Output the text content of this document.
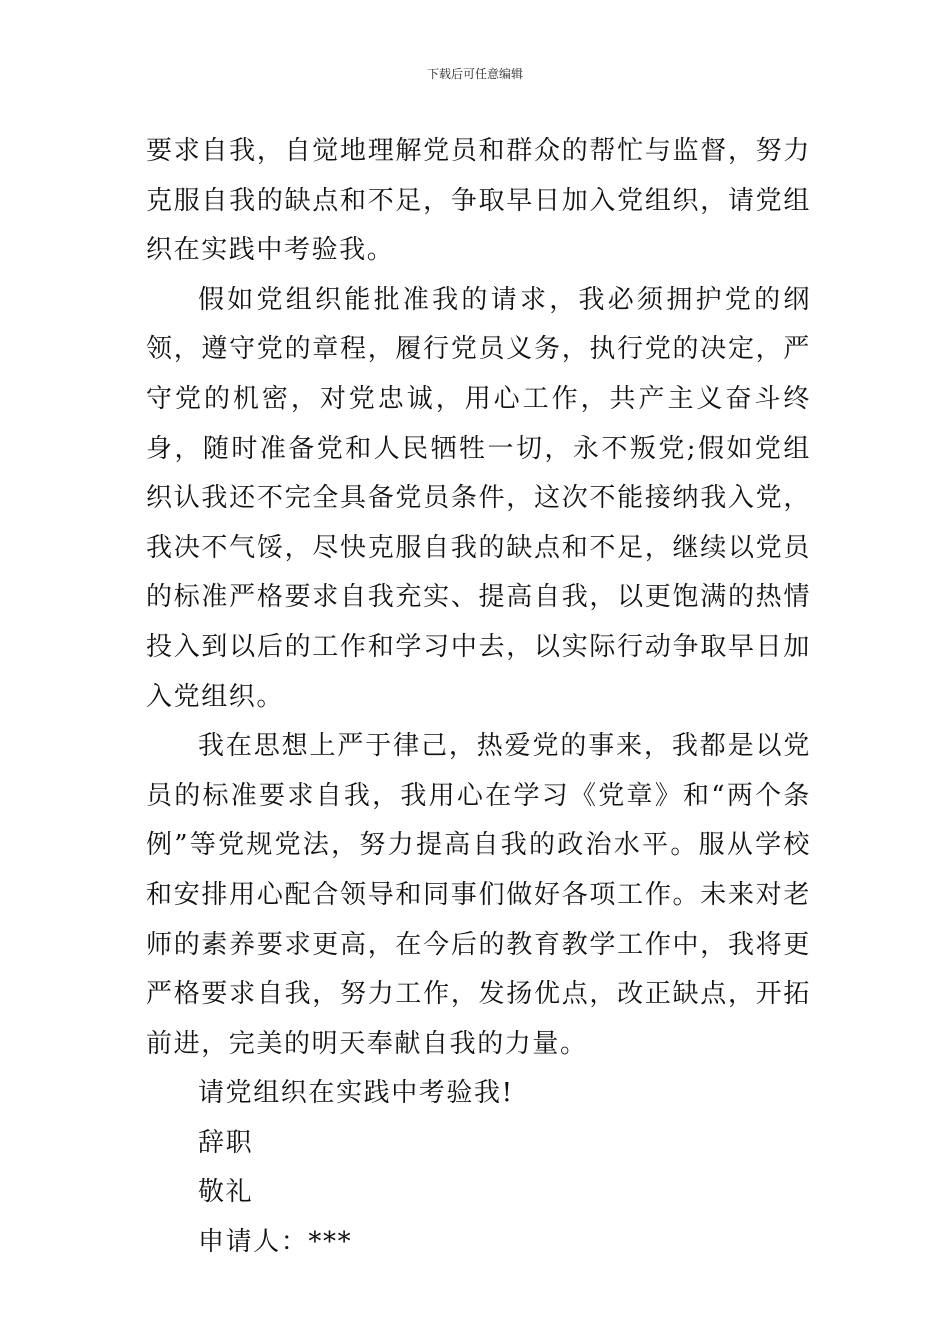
下载后可任意编辑

要求自我，自觉地理解党员和群众的帮忙与监督，努力克服自我的缺点和不足，争取早日加入党组织，请党组织在实践中考验我。

假如党组织能批准我的请求，我必须拥护党的纲领，遵守党的章程，履行党员义务，执行党的决定，严守党的机密，对党忠诚，用心工作，共产主义奋斗终身，随时准备党和人民牺牲一切，永不叛党;假如党组织认我还不完全具备党员条件，这次不能接纳我入党，我决不气馁，尽快克服自我的缺点和不足，继续以党员的标准严格要求自我充实、提高自我，以更饱满的热情投入到以后的工作和学习中去，以实际行动争取早日加入党组织。

我在思想上严于律己，热爱党的事来，我都是以党员的标准要求自我，我用心在学习《党章》和“两个条例”等党规党法，努力提高自我的政治水平。服从学校和安排用心配合领导和同事们做好各项工作。未来对老师的素养要求更高，在今后的教育教学工作中，我将更严格要求自我，努力工作，发扬优点，改正缺点，开拓前进，完美的明天奉献自我的力量。

请党组织在实践中考验我!

辞职

敬礼

申请人：***
